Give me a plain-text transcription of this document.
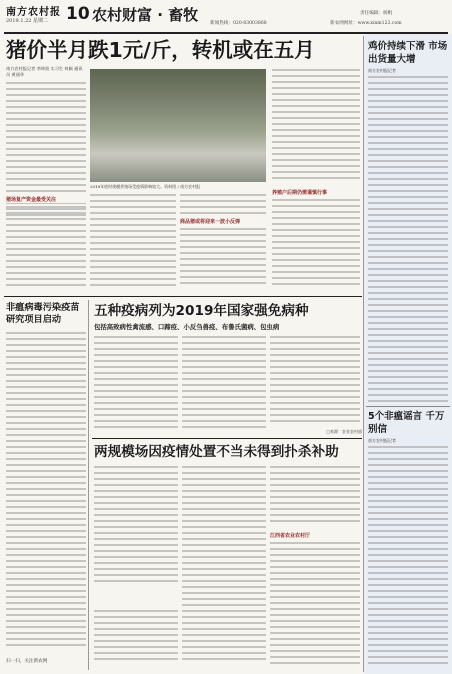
南方农村报
2019.1.22 星期二 10 农村财富 · 畜牧	新闻热线：020-83003868
责任编辑：杨帆
新农网网址：www.xinm123.com
猪价半月跌1元/斤，转机或在五月
南方农村报记者 李坤贤 实习生 何颖 通讯员 黄丽华
猪场复产资金最受关注
2018年底时规模养殖场受疫情影响较大。资料图 / 南方农村报
商品猪或将迎来一波小反弹
养殖户后期仍需谨慎行事
鸡价持续下滑 市场出货量大增
南方农村报记者
5个非瘟谣言 千万别信
南方农村报记者
非瘟病毒污染疫苗 研究项目启动
扫一扫，关注新农网
五种疫病列为2019年国家强免病种
包括高致病性禽流感、口蹄疫、小反刍兽疫、布鲁氏菌病、包虫病
□来源：农业农村部
两规模场因疫情处置不当未得到扑杀补助
江西省农业农村厅
